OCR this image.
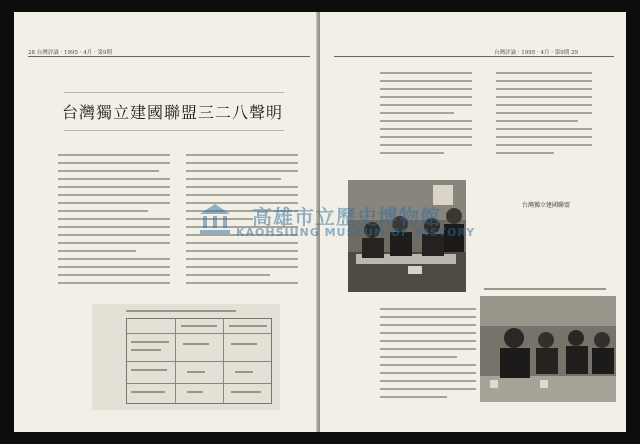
28 台灣評論 · 1995 · 4月 · 第9期
台灣獨立建國聯盟三二八聲明
台灣評論 · 1995 · 4月 · 第9期 29
台灣獨立建國聯盟
高雄市立歷史博物館
KAOHSIUNG MUSEUM OF HISTORY
